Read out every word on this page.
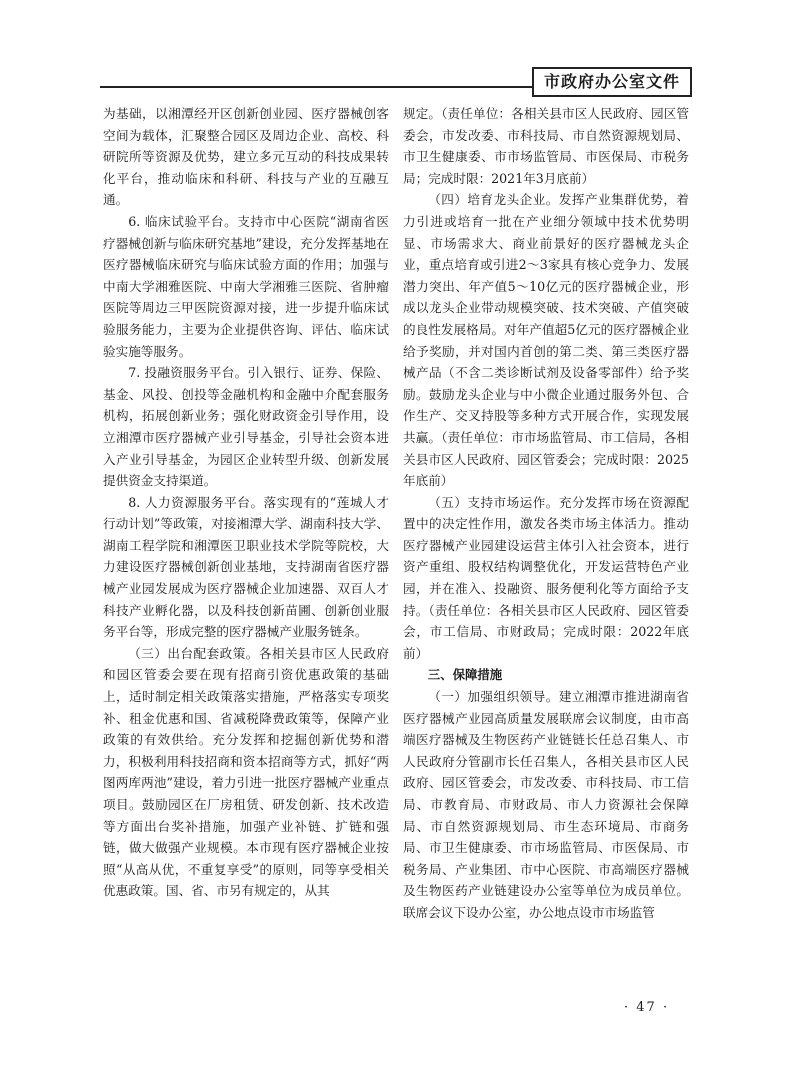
市政府办公室文件

为基础，以湘潭经开区创新创业园、医疗器械创客空间为载体，汇聚整合园区及周边企业、高校、科研院所等资源及优势，建立多元互动的科技成果转化平台，推动临床和科研、科技与产业的互融互通。

6. 临床试验平台。支持市中心医院“湖南省医疗器械创新与临床研究基地”建设，充分发挥基地在医疗器械临床研究与临床试验方面的作用；加强与中南大学湘雅医院、中南大学湘雅三医院、省肿瘤医院等周边三甲医院资源对接，进一步提升临床试验服务能力，主要为企业提供咨询、评估、临床试验实施等服务。

7. 投融资服务平台。引入银行、证券、保险、基金、风投、创投等金融机构和金融中介配套服务机构，拓展创新业务；强化财政资金引导作用，设立湘潭市医疗器械产业引导基金，引导社会资本进入产业引导基金，为园区企业转型升级、创新发展提供资金支持渠道。

8. 人力资源服务平台。落实现有的“莲城人才行动计划”等政策，对接湘潭大学、湖南科技大学、湖南工程学院和湘潭医卫职业技术学院等院校，大力建设医疗器械创新创业基地，支持湖南省医疗器械产业园发展成为医疗器械企业加速器、双百人才科技产业孵化器，以及科技创新苗圃、创新创业服务平台等，形成完整的医疗器械产业服务链条。

（三）出台配套政策。各相关县市区人民政府和园区管委会要在现有招商引资优惠政策的基础上，适时制定相关政策落实措施，严格落实专项奖补、租金优惠和国、省减税降费政策等，保障产业政策的有效供给。充分发挥和挖掘创新优势和潜力，积极利用科技招商和资本招商等方式，抓好“两图两库两池”建设，着力引进一批医疗器械产业重点项目。鼓励园区在厂房租赁、研发创新、技术改造等方面出台奖补措施，加强产业补链、扩链和强链，做大做强产业规模。本市现有医疗器械企业按照“从高从优，不重复享受”的原则，同等享受相关优惠政策。国、省、市另有规定的，从其

规定。（责任单位：各相关县市区人民政府、园区管委会，市发改委、市科技局、市自然资源规划局、市卫生健康委、市市场监管局、市医保局、市税务局；完成时限：2021年3月底前）

（四）培育龙头企业。发挥产业集群优势，着力引进或培育一批在产业细分领域中技术优势明显、市场需求大、商业前景好的医疗器械龙头企业，重点培育或引进2～3家具有核心竞争力、发展潜力突出、年产值5～10亿元的医疗器械企业，形成以龙头企业带动规模突破、技术突破、产值突破的良性发展格局。对年产值超5亿元的医疗器械企业给予奖励，并对国内首创的第二类、第三类医疗器械产品（不含二类诊断试剂及设备零部件）给予奖励。鼓励龙头企业与中小微企业通过服务外包、合作生产、交叉持股等多种方式开展合作，实现发展共赢。（责任单位：市市场监管局、市工信局，各相关县市区人民政府、园区管委会；完成时限：2025年底前）

（五）支持市场运作。充分发挥市场在资源配置中的决定性作用，激发各类市场主体活力。推动医疗器械产业园建设运营主体引入社会资本，进行资产重组、股权结构调整优化，开发运营特色产业园，并在准入、投融资、服务便利化等方面给予支持。（责任单位：各相关县市区人民政府、园区管委会，市工信局、市财政局；完成时限：2022年底前）

三、保障措施

（一）加强组织领导。建立湘潭市推进湖南省医疗器械产业园高质量发展联席会议制度，由市高端医疗器械及生物医药产业链链长任总召集人、市人民政府分管副市长任召集人，各相关县市区人民政府、园区管委会，市发改委、市科技局、市工信局、市教育局、市财政局、市人力资源社会保障局、市自然资源规划局、市生态环境局、市商务局、市卫生健康委、市市场监管局、市医保局、市税务局、产业集团、市中心医院、市高端医疗器械及生物医药产业链建设办公室等单位为成员单位。联席会议下设办公室，办公地点设市市场监管

· 47 ·
